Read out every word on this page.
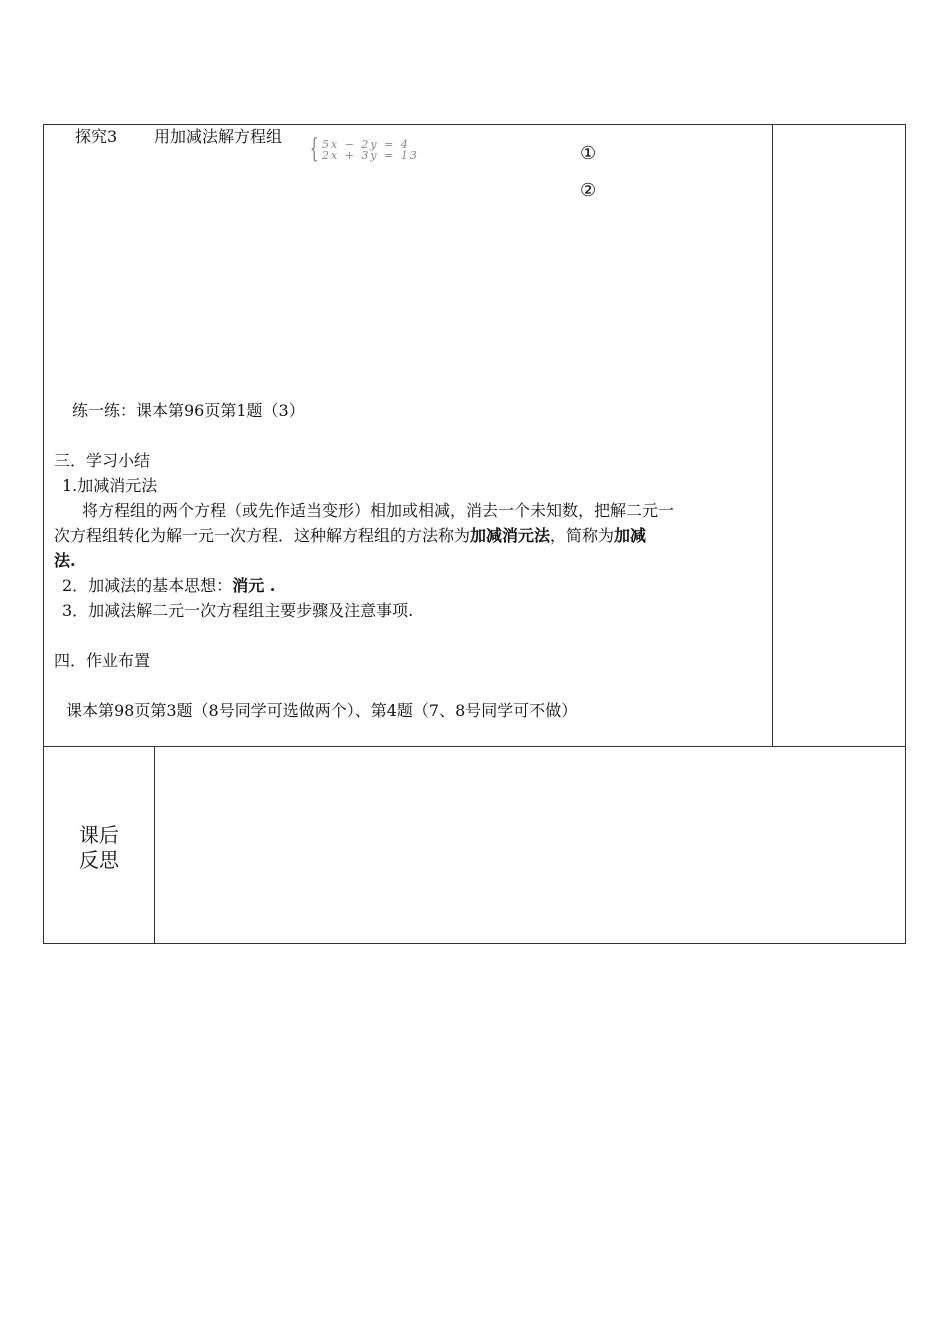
探究3 用加减法解方程组 { 5x − 2y = 4
2x + 3y = 13	①
②
练一练：课本第96页第1题（3）
三．学习小结
1.加减消元法
将方程组的两个方程（或先作适当变形）相加或相减，消去一个未知数，把解二元一
次方程组转化为解一元一次方程．这种解方程组的方法称为加减消元法，简称为加减
法.
2．加减法的基本思想：消元 .
3．加减法解二元一次方程组主要步骤及注意事项.
四．作业布置
课本第98页第3题（8号同学可选做两个）、第4题（7、8号同学可不做）
课后
反思
